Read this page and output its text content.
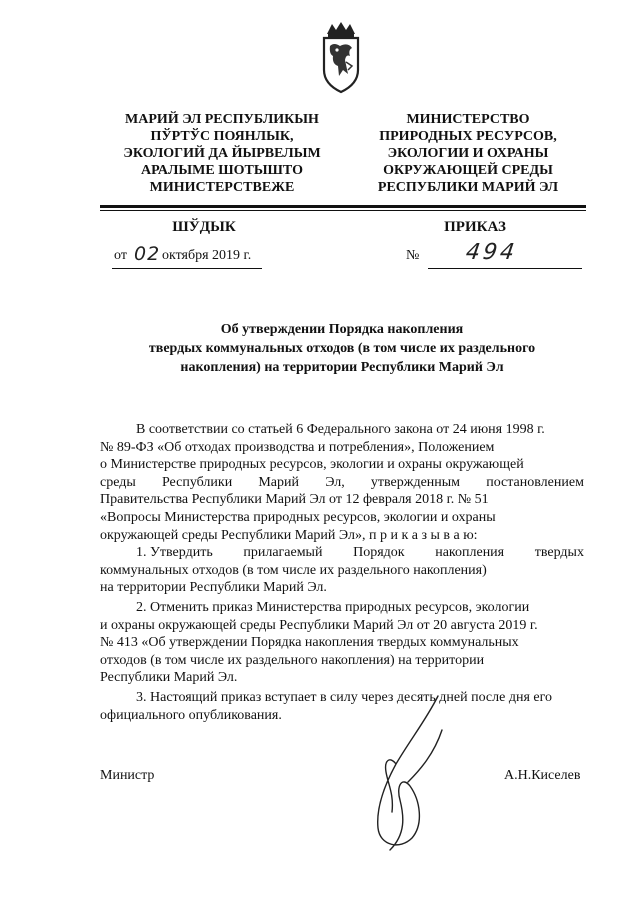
МАРИЙ ЭЛ РЕСПУБЛИКЫН
ПЎРТЎС ПОЯНЛЫК,
ЭКОЛОГИЙ ДА ЙЫРВЕЛЫМ
АРАЛЫМЕ ШОТЫШТО
МИНИСТЕРСТВЕЖЕ
МИНИСТЕРСТВО
ПРИРОДНЫХ РЕСУРСОВ,
ЭКОЛОГИИ И ОХРАНЫ
ОКРУЖАЮЩЕЙ СРЕДЫ
РЕСПУБЛИКИ МАРИЙ ЭЛ
ШЎДЫК	ПРИКАЗ
от 02 октября 2019 г.	№ 494
Об утверждении Порядка накопления
твердых коммунальных отходов (в том числе их раздельного
накопления) на территории Республики Марий Эл
В соответствии со статьей 6 Федерального закона от 24 июня 1998 г.
№ 89-ФЗ «Об отходах производства и потребления», Положением
о Министерстве природных ресурсов, экологии и охраны окружающей
среды Республики Марий Эл, утвержденным постановлением
Правительства Республики Марий Эл от 12 февраля 2018 г. № 51
«Вопросы Министерства природных ресурсов, экологии и охраны
окружающей среды Республики Марий Эл», п р и к а з ы в а ю:
1. Утвердить прилагаемый Порядок накопления твердых
коммунальных отходов (в том числе их раздельного накопления)
на территории Республики Марий Эл.
2. Отменить приказ Министерства природных ресурсов, экологии
и охраны окружающей среды Республики Марий Эл от 20 августа 2019 г.
№ 413 «Об утверждении Порядка накопления твердых коммунальных
отходов (в том числе их раздельного накопления) на территории
Республики Марий Эл.
3. Настоящий приказ вступает в силу через десять дней после дня его
официального опубликования.
Министр	А.Н.Киселев
